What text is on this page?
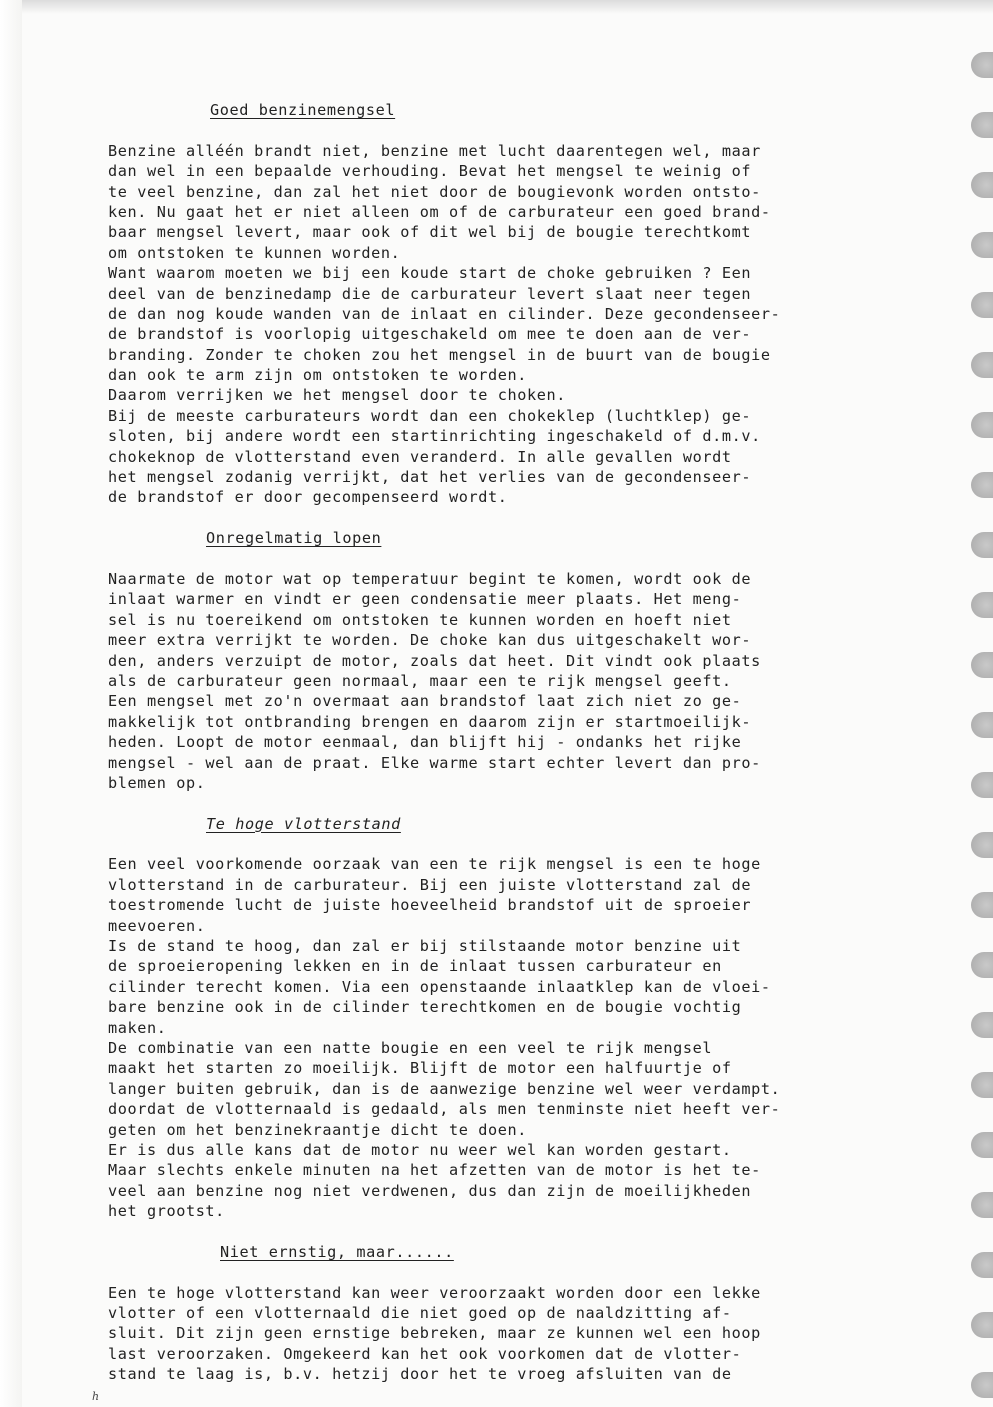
Goed benzinemengsel
Benzine alléén brandt niet, benzine met lucht daarentegen wel, maar
dan wel in een bepaalde verhouding. Bevat het mengsel te weinig of
te veel benzine, dan zal het niet door de bougievonk worden ontsto-
ken. Nu gaat het er niet alleen om of de carburateur een goed brand-
baar mengsel levert, maar ook of dit wel bij de bougie terechtkomt
om ontstoken te kunnen worden.
Want waarom moeten we bij een koude start de choke gebruiken ? Een
deel van de benzinedamp die de carburateur levert slaat neer tegen
de dan nog koude wanden van de inlaat en cilinder. Deze gecondenseer-
de brandstof is voorlopig uitgeschakeld om mee te doen aan de ver-
branding. Zonder te choken zou het mengsel in de buurt van de bougie
dan ook te arm zijn om ontstoken te worden.
Daarom verrijken we het mengsel door te choken.
Bij de meeste carburateurs wordt dan een chokeklep (luchtklep) ge-
sloten, bij andere wordt een startinrichting ingeschakeld of d.m.v.
chokeknop de vlotterstand even veranderd. In alle gevallen wordt
het mengsel zodanig verrijkt, dat het verlies van de gecondenseer-
de brandstof er door gecompenseerd wordt.
Onregelmatig lopen
Naarmate de motor wat op temperatuur begint te komen, wordt ook de
inlaat warmer en vindt er geen condensatie meer plaats. Het meng-
sel is nu toereikend om ontstoken te kunnen worden en hoeft niet
meer extra verrijkt te worden. De choke kan dus uitgeschakelt wor-
den, anders verzuipt de motor, zoals dat heet. Dit vindt ook plaats
als de carburateur geen normaal, maar een te rijk mengsel geeft.
Een mengsel met zo'n overmaat aan brandstof laat zich niet zo ge-
makkelijk tot ontbranding brengen en daarom zijn er startmoeilijk-
heden. Loopt de motor eenmaal, dan blijft hij - ondanks het rijke
mengsel - wel aan de praat. Elke warme start echter levert dan pro-
blemen op.
Te hoge vlotterstand
Een veel voorkomende oorzaak van een te rijk mengsel is een te hoge
vlotterstand in de carburateur. Bij een juiste vlotterstand zal de
toestromende lucht de juiste hoeveelheid brandstof uit de sproeier
meevoeren.
Is de stand te hoog, dan zal er bij stilstaande motor benzine uit
de sproeieropening lekken en in de inlaat tussen carburateur en
cilinder terecht komen. Via een openstaande inlaatklep kan de vloei-
bare benzine ook in de cilinder terechtkomen en de bougie vochtig
maken.
De combinatie van een natte bougie en een veel te rijk mengsel
maakt het starten zo moeilijk. Blijft de motor een halfuurtje of
langer buiten gebruik, dan is de aanwezige benzine wel weer verdampt.
doordat de vlotternaald is gedaald, als men tenminste niet heeft ver-
geten om het benzinekraantje dicht te doen.
Er is dus alle kans dat de motor nu weer wel kan worden gestart.
Maar slechts enkele minuten na het afzetten van de motor is het te-
veel aan benzine nog niet verdwenen, dus dan zijn de moeilijkheden
het grootst.
Niet ernstig, maar......
Een te hoge vlotterstand kan weer veroorzaakt worden door een lekke
vlotter of een vlotternaald die niet goed op de naaldzitting af-
sluit. Dit zijn geen ernstige bebreken, maar ze kunnen wel een hoop
last veroorzaken. Omgekeerd kan het ook voorkomen dat de vlotter-
stand te laag is, b.v. hetzij door het te vroeg afsluiten van de
h
